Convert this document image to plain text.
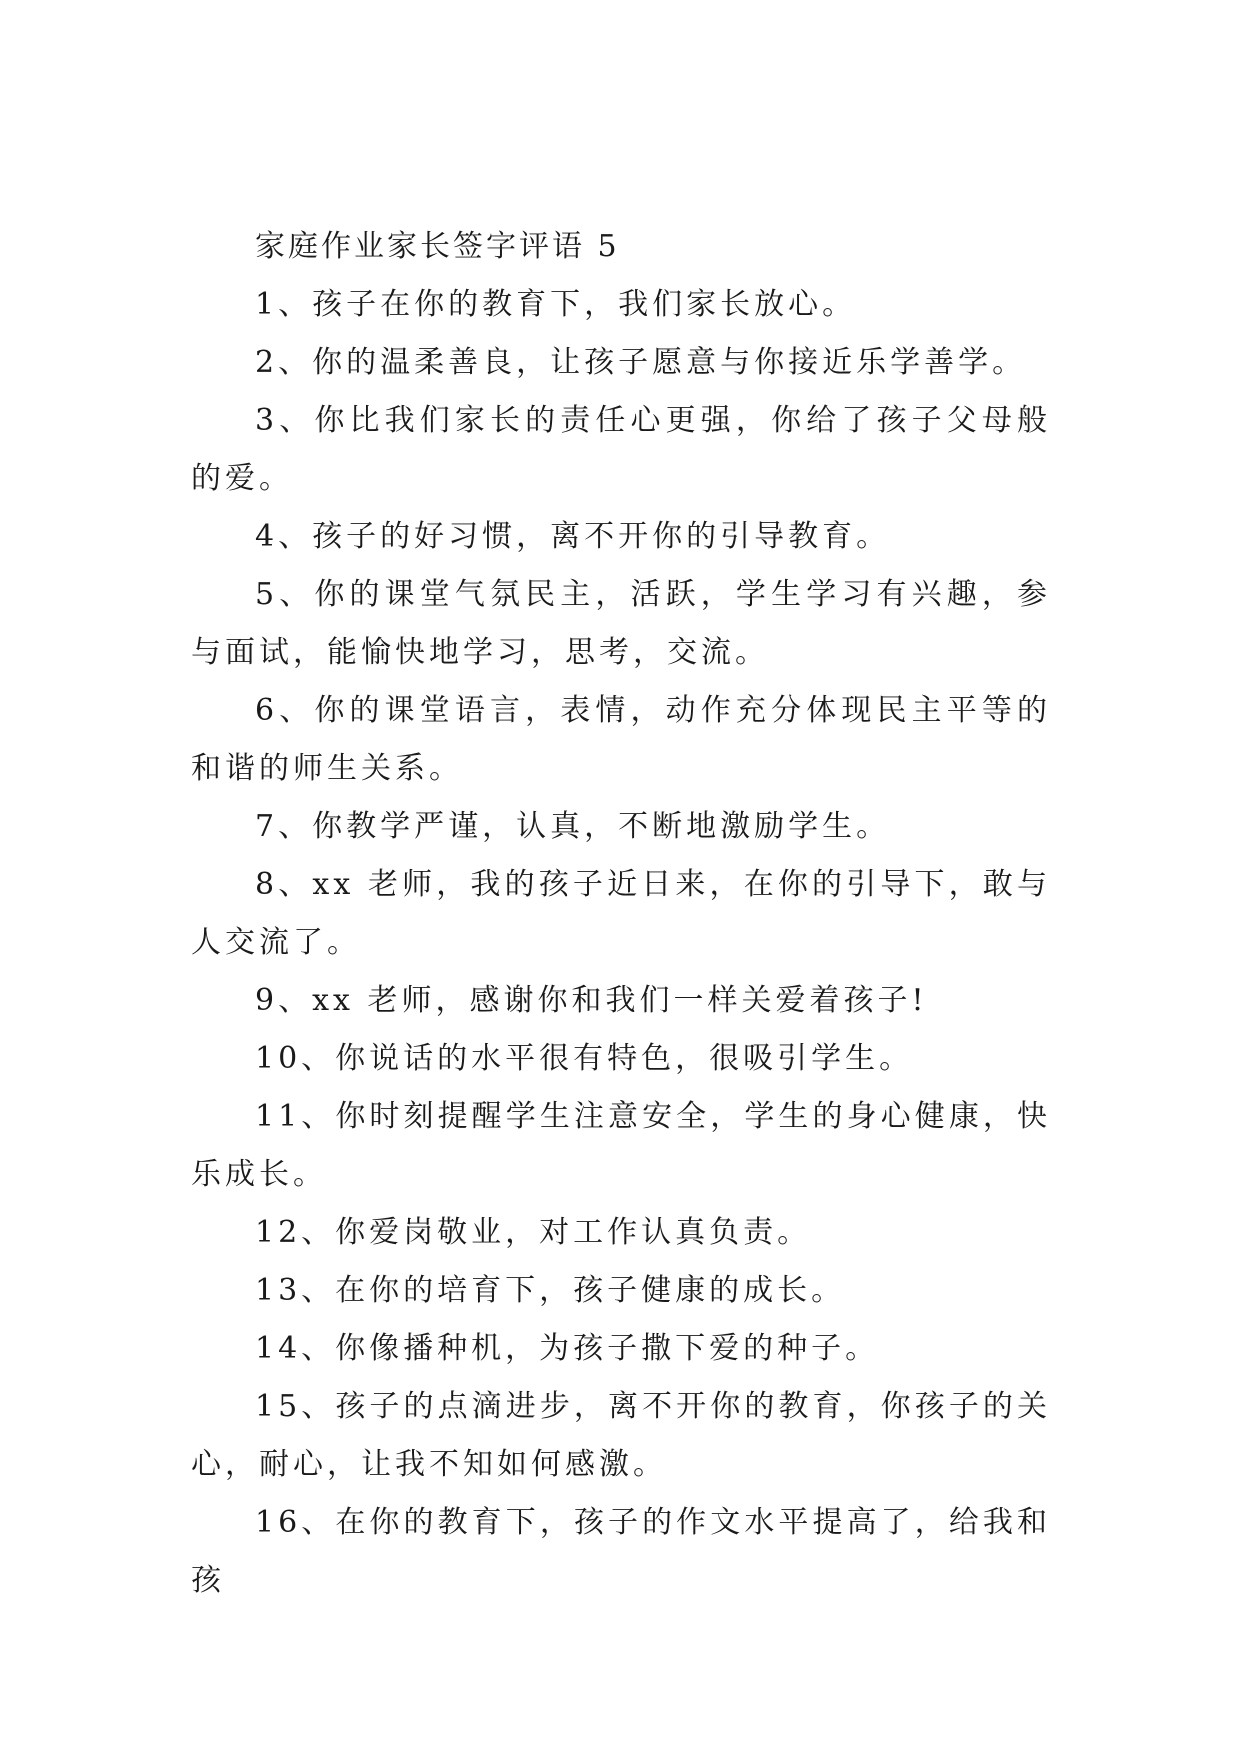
家庭作业家长签字评语 5

1、孩子在你的教育下，我们家长放心。

2、你的温柔善良，让孩子愿意与你接近乐学善学。

3、你比我们家长的责任心更强，你给了孩子父母般的爱。

4、孩子的好习惯，离不开你的引导教育。

5、你的课堂气氛民主，活跃，学生学习有兴趣，参与面试，能愉快地学习，思考，交流。

6、你的课堂语言，表情，动作充分体现民主平等的和谐的师生关系。

7、你教学严谨，认真，不断地激励学生。

8、xx 老师，我的孩子近日来，在你的引导下，敢与人交流了。

9、xx 老师，感谢你和我们一样关爱着孩子!

10、你说话的水平很有特色，很吸引学生。

11、你时刻提醒学生注意安全，学生的身心健康，快乐成长。

12、你爱岗敬业，对工作认真负责。

13、在你的培育下，孩子健康的成长。

14、你像播种机，为孩子撒下爱的种子。

15、孩子的点滴进步，离不开你的教育，你孩子的关心，耐心，让我不知如何感激。

16、在你的教育下，孩子的作文水平提高了，给我和孩
